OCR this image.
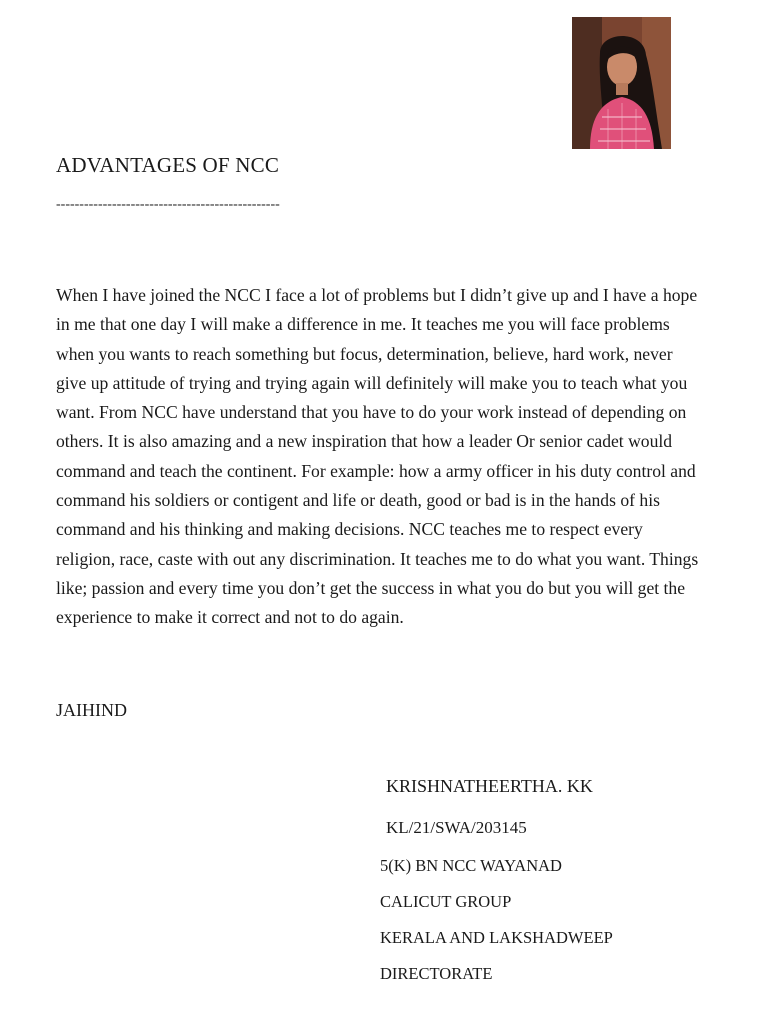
ADVANTAGES OF NCC
------------------------------------------------

When I have joined the NCC I face a lot of problems but I didn’t give up and I have a hope in me that one day I will make a difference in me. It teaches me you will face problems when you wants to reach something but focus, determination, believe, hard work, never give up attitude of trying and trying again will definitely will make you to teach what you want. From NCC have understand that you have to do your work instead of depending on others. It is also amazing and a new inspiration that how a leader Or senior cadet would command and teach the continent. For example: how a army officer in his duty control and command his soldiers or contigent and life or death, good or bad is in the hands of his command and his thinking and making decisions. NCC teaches me to respect every religion, race, caste with out any discrimination. It teaches me to do what you want. Things like; passion and every time you don’t get the success in what you do but you will get the experience to make it correct and not to do again.

JAIHIND

KRISHNATHEERTHA. KK
KL/21/SWA/203145
5(K) BN NCC WAYANAD
CALICUT GROUP
KERALA AND LAKSHADWEEP
DIRECTORATE
